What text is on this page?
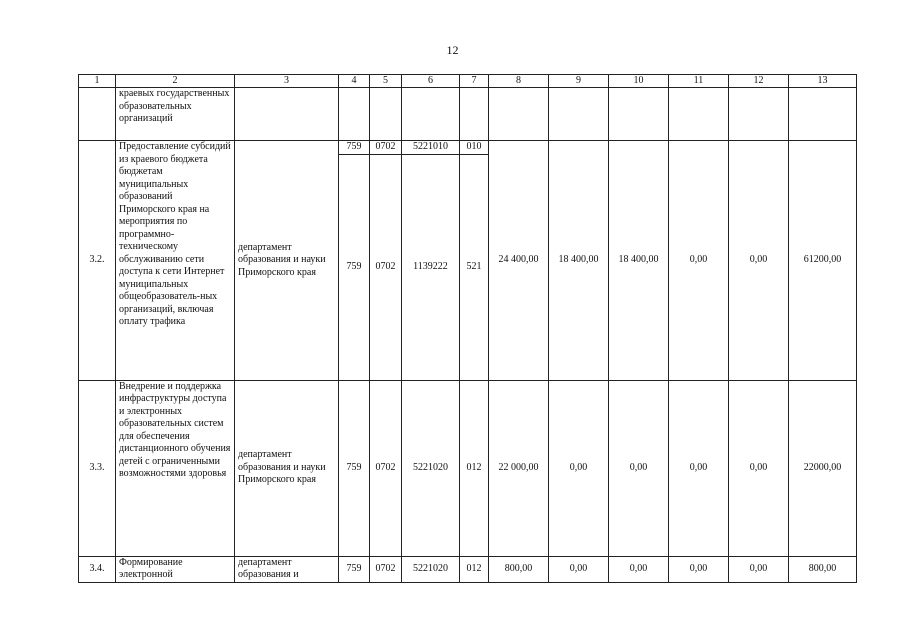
12
1	2	3	4	5	6	7	8	9	10	11	12	13
	краевых государственных образовательных организаций											
3.2.	Предоставление субсидий из краевого бюджета бюджетам муниципальных образований Приморского края на мероприятия по программно-техническому обслуживанию сети доступа к сети Интернет муниципальных общеобразователь-ных организаций, включая оплату трафика	департамент образования и науки Приморского края	759	0702	5221010	010	24 400,00	18 400,00	18 400,00	0,00	0,00	61200,00
			759	0702	1139222	521						
3.3.	Внедрение и поддержка инфраструктуры доступа и электронных образовательных систем для обеспечения дистанционного обучения детей с ограниченными возможностями здоровья	департамент образования и науки Приморского края	759	0702	5221020	012	22 000,00	0,00	0,00	0,00	0,00	22000,00
3.4.	Формирование электронной	департамент образования и	759	0702	5221020	012	800,00	0,00	0,00	0,00	0,00	800,00
